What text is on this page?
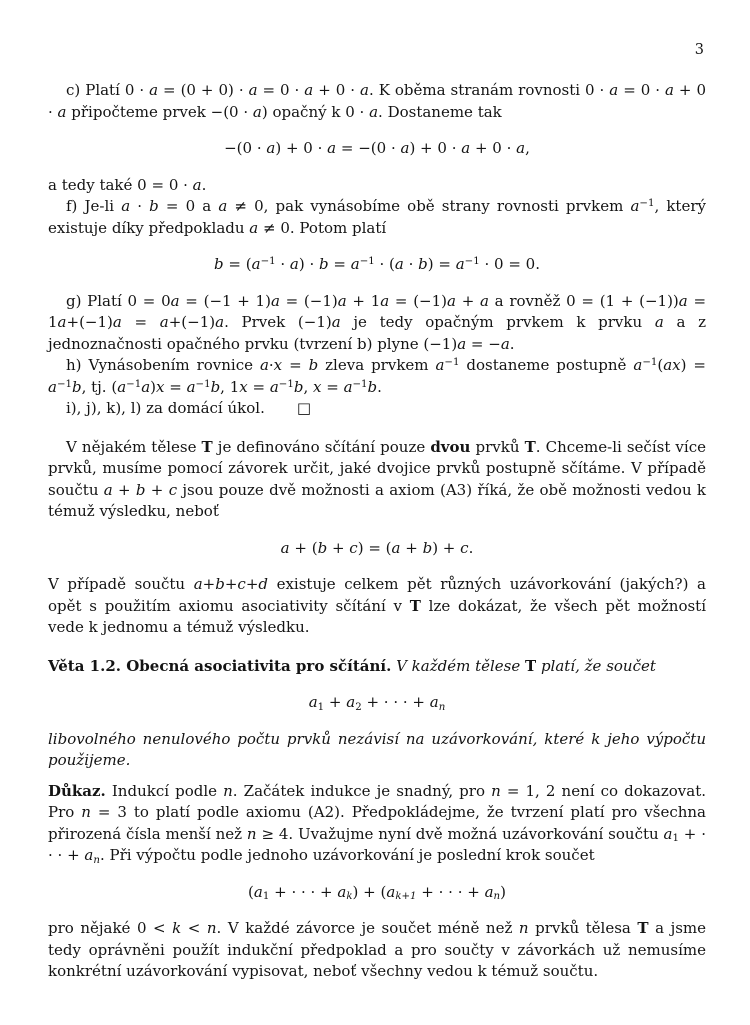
3

c) Platí 0 · a = (0 + 0) · a = 0 · a + 0 · a. K oběma stranám rovnosti 0 · a = 0 · a + 0 · a připočteme prvek −(0 · a) opačný k 0 · a. Dostaneme tak

−(0 · a) + 0 · a = −(0 · a) + 0 · a + 0 · a,

a tedy také 0 = 0 · a.

f) Je-li a · b = 0 a a ≠ 0, pak vynásobíme obě strany rovnosti prvkem $a^{-1}$, který existuje díky předpokladu a ≠ 0. Potom platí

$b = (a^{-1} \cdot a) \cdot b = a^{-1} \cdot (a \cdot b) = a^{-1} \cdot 0 = 0$.

g) Platí 0 = 0a = (−1 + 1)a = (−1)a + 1a = (−1)a + a a rovněž 0 = (1 + (−1))a = 1a+(−1)a = a+(−1)a. Prvek (−1)a je tedy opačným prvkem k prvku a a z jednoznačnosti opačného prvku (tvrzení b) plyne (−1)a = −a.

h) Vynásobením rovnice a·x = b zleva prvkem $a^{-1}$ dostaneme postupně $a^{-1}(ax) = a^{-1}b$, tj. $(a^{-1}a)x = a^{-1}b$, $1x = a^{-1}b$, $x = a^{-1}b$.

i), j), k), l) za domácí úkol. □

V nějakém tělese T je definováno sčítání pouze dvou prvků T. Chceme-li sečíst více prvků, musíme pomocí závorek určit, jaké dvojice prvků postupně sčítáme. V případě součtu a + b + c jsou pouze dvě možnosti a axiom (A3) říká, že obě možnosti vedou k témuž výsledku, neboť

a + (b + c) = (a + b) + c.

V případě součtu a+b+c+d existuje celkem pět různých uzávorkování (jakých?) a opět s použitím axiomu asociativity sčítání v T lze dokázat, že všech pět možností vede k jednomu a témuž výsledku.

Věta 1.2. Obecná asociativita pro sčítání. V každém tělese T platí, že součet

$a_1 + a_2$ + · · · + $a_n$

libovolného nenulového počtu prvků nezávisí na uzávorkování, které k jeho výpočtu použijeme.

Důkaz. Indukcí podle n. Začátek indukce je snadný, pro n = 1, 2 není co dokazovat. Pro n = 3 to platí podle axiomu (A2). Předpokládejme, že tvrzení platí pro všechna přirozená čísla menší než n ≥ 4. Uvažujme nyní dvě možná uzávorkování součtu $a_1$ + · · · + $a_n$. Při výpočtu podle jednoho uzávorkování je poslední krok součet

($a_1$ + · · · + $a_k) + (a_{k+1}$ + · · · + $a_n$)

pro nějaké 0 < k < n. V každé závorce je součet méně než n prvků tělesa T a jsme tedy oprávněni použít indukční předpoklad a pro součty v závorkách už nemusíme konkrétní uzávorkování vypisovat, neboť všechny vedou k témuž součtu.
